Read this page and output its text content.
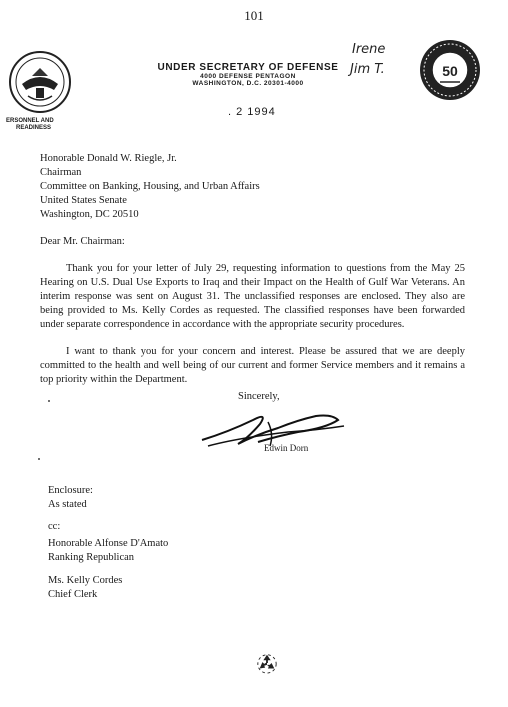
101
ERSONNEL AND
READINESS
UNDER SECRETARY OF DEFENSE
4000 DEFENSE PENTAGON
WASHINGTON, D.C. 20301-4000
Irene
Jim T.	50
. 2 1994
Honorable Donald W. Riegle, Jr.
Chairman
Committee on Banking, Housing, and Urban Affairs
United States Senate
Washington, DC 20510
Dear Mr. Chairman:

Thank you for your letter of July 29, requesting information to questions from the May 25 Hearing on U.S. Dual Use Exports to Iraq and their Impact on the Health of Gulf War Veterans. An interim response was sent on August 31. The unclassified responses are enclosed. They also are being provided to Ms. Kelly Cordes as requested. The classified responses have been forwarded under separate correspondence in accordance with the appropriate security procedures.

I want to thank you for your concern and interest. Please be assured that we are deeply committed to the health and well being of our current and former Service members and it remains a top priority within the Department.

Sincerely,
Edwin Dorn
Enclosure:
As stated
cc:
Honorable Alfonse D'Amato
Ranking Republican
Ms. Kelly Cordes
Chief Clerk
